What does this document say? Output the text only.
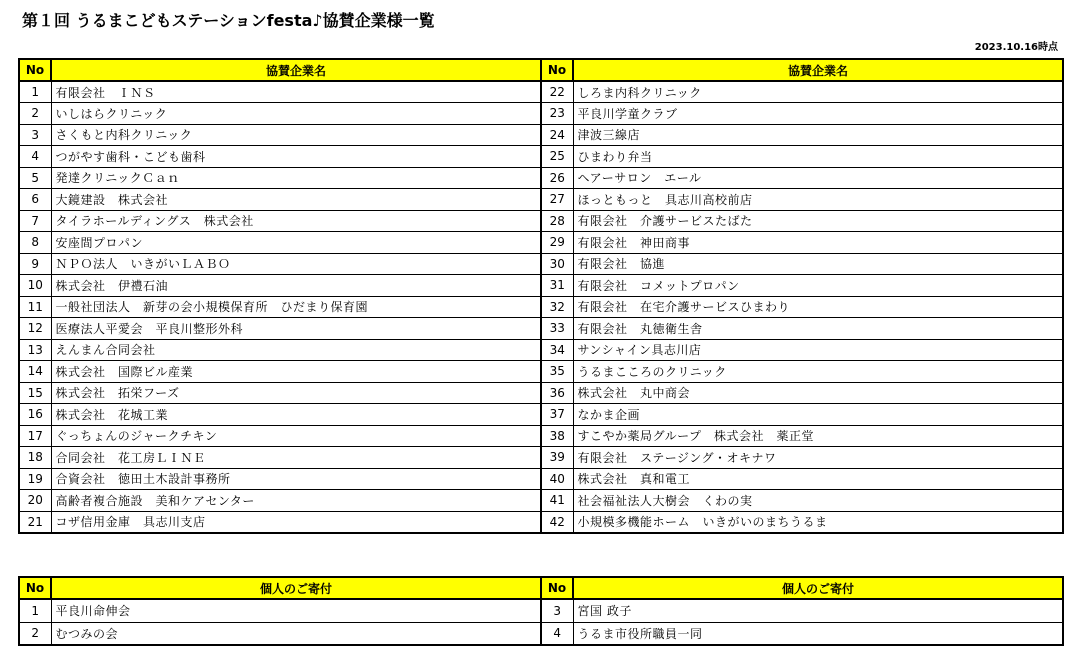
第１回 うるまこどもステーションfesta♪協賛企業様一覧
2023.10.16時点
No	協賛企業名	No	協賛企業名
1	有限会社　ＩＮＳ	22	しろま内科クリニック
2	いしはらクリニック	23	平良川学童クラブ
3	さくもと内科クリニック	24	津波三線店
4	つがやす歯科・こども歯科	25	ひまわり弁当
5	発達クリニックＣａｎ	26	ヘアーサロン　エール
6	大鏡建設　株式会社	27	ほっともっと　具志川高校前店
7	タイラホールディングス　株式会社	28	有限会社　介護サービスたばた
8	安座間プロパン	29	有限会社　神田商事
9	ＮＰＯ法人　いきがいＬＡＢＯ	30	有限会社　協進
10	株式会社　伊禮石油	31	有限会社　コメットプロパン
11	一般社団法人　新芽の会小規模保育所　ひだまり保育園	32	有限会社　在宅介護サービスひまわり
12	医療法人平愛会　平良川整形外科	33	有限会社　丸徳衛生舎
13	えんまん合同会社	34	サンシャイン具志川店
14	株式会社　国際ビル産業	35	うるまこころのクリニック
15	株式会社　拓栄フーズ	36	株式会社　丸中商会
16	株式会社　花城工業	37	なかま企画
17	ぐっちょんのジャークチキン	38	すこやか薬局グループ　株式会社　薬正堂
18	合同会社　花工房ＬＩＮＥ	39	有限会社　ステージング・オキナワ
19	合資会社　徳田土木設計事務所	40	株式会社　真和電工
20	高齢者複合施設　美和ケアセンター	41	社会福祉法人大樹会　くわの実
21	コザ信用金庫　具志川支店	42	小規模多機能ホーム　いきがいのまちうるま
No	個人のご寄付	No	個人のご寄付
1	平良川命伸会	3	宮国 政子
2	むつみの会	4	うるま市役所職員一同
